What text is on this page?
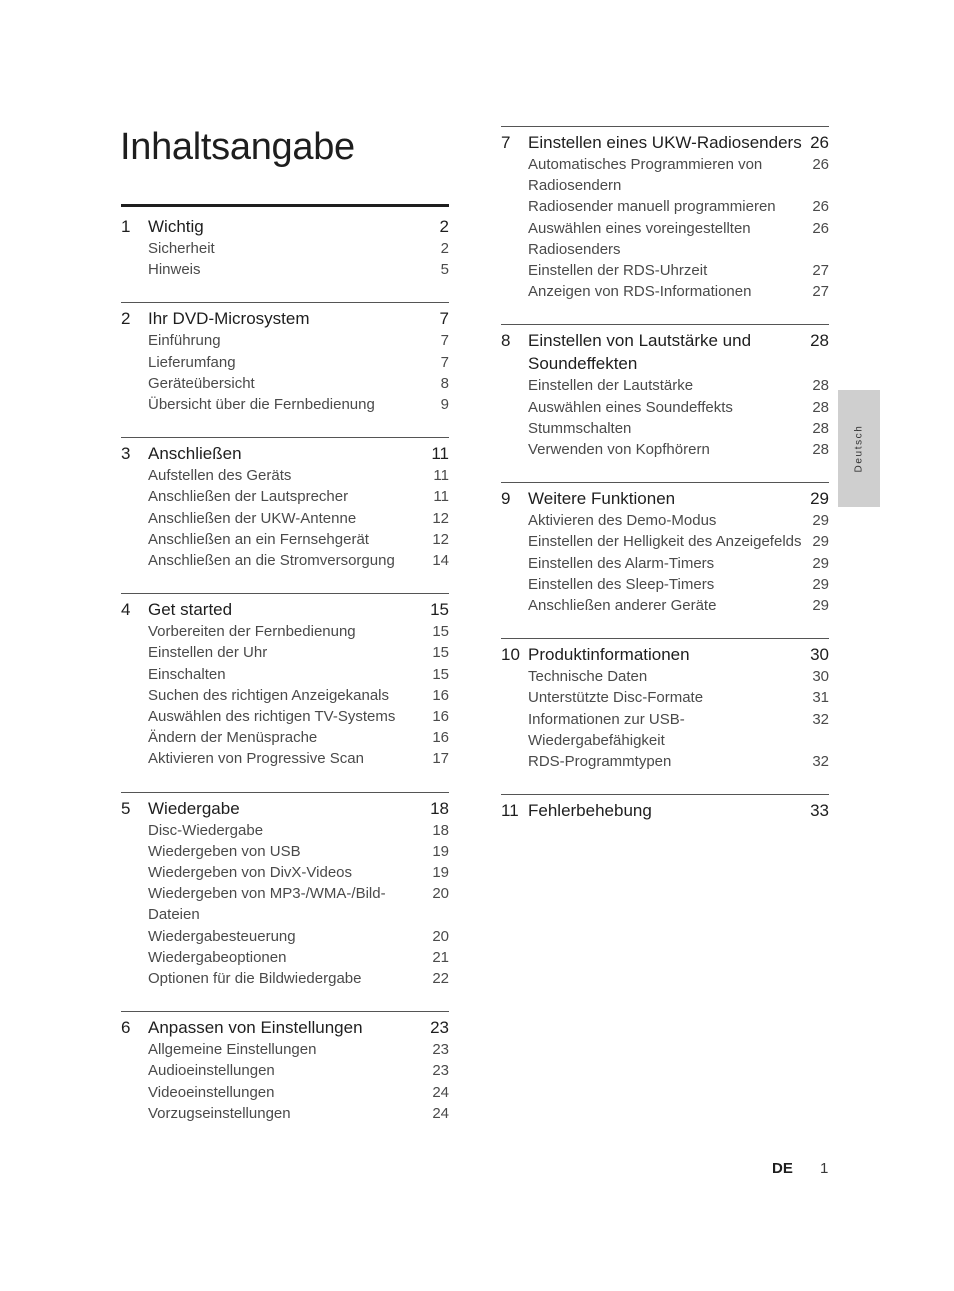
Inhaltsangabe
1	Wichtig	2
Sicherheit	2
Hinweis	5
2	Ihr DVD-Microsystem	7
Einführung	7
Lieferumfang	7
Geräteübersicht	8
Übersicht über die Fernbedienung	9
3	Anschließen	11
Aufstellen des Geräts	11
Anschließen der Lautsprecher	11
Anschließen der UKW-Antenne	12
Anschließen an ein Fernsehgerät	12
Anschließen an die Stromversorgung	14
4	Get started	15
Vorbereiten der Fernbedienung	15
Einstellen der Uhr	15
Einschalten	15
Suchen des richtigen Anzeigekanals	16
Auswählen des richtigen TV-Systems	16
Ändern der Menüsprache	16
Aktivieren von Progressive Scan	17
5	Wiedergabe	18
Disc-Wiedergabe	18
Wiedergeben von USB	19
Wiedergeben von DivX-Videos	19
Wiedergeben von MP3-/WMA-/Bild-
Dateien
20
Wiedergabesteuerung	20
Wiedergabeoptionen	21
Optionen für die Bildwiedergabe	22
6	Anpassen von Einstellungen	23
Allgemeine Einstellungen	23
Audioeinstellungen	23
Videoeinstellungen	24
Vorzugseinstellungen	24
7	Einstellen eines UKW-Radiosenders 26
Automatisches Programmieren von
Radiosendern
26
Radiosender manuell programmieren	26
Auswählen eines voreingestellten
Radiosenders
26
Einstellen der RDS-Uhrzeit	27
Anzeigen von RDS-Informationen	27
8	Einstellen von Lautstärke und
Soundeffekten
28
Einstellen der Lautstärke	28
Auswählen eines Soundeffekts	28
Stummschalten	28
Verwenden von Kopfhörern	28
9	Weitere Funktionen	29
Aktivieren des Demo-Modus	29
Einstellen der Helligkeit des Anzeigefelds 29
Einstellen des Alarm-Timers	29
Einstellen des Sleep-Timers	29
Anschließen anderer Geräte	29
10 Produktinformationen	30
Technische Daten	30
Unterstützte Disc-Formate	31
Informationen zur USB-
Wiedergabefähigkeit
32
RDS-Programmtypen	32
11 Fehlerbehebung	33
Deutsch
DE 1
